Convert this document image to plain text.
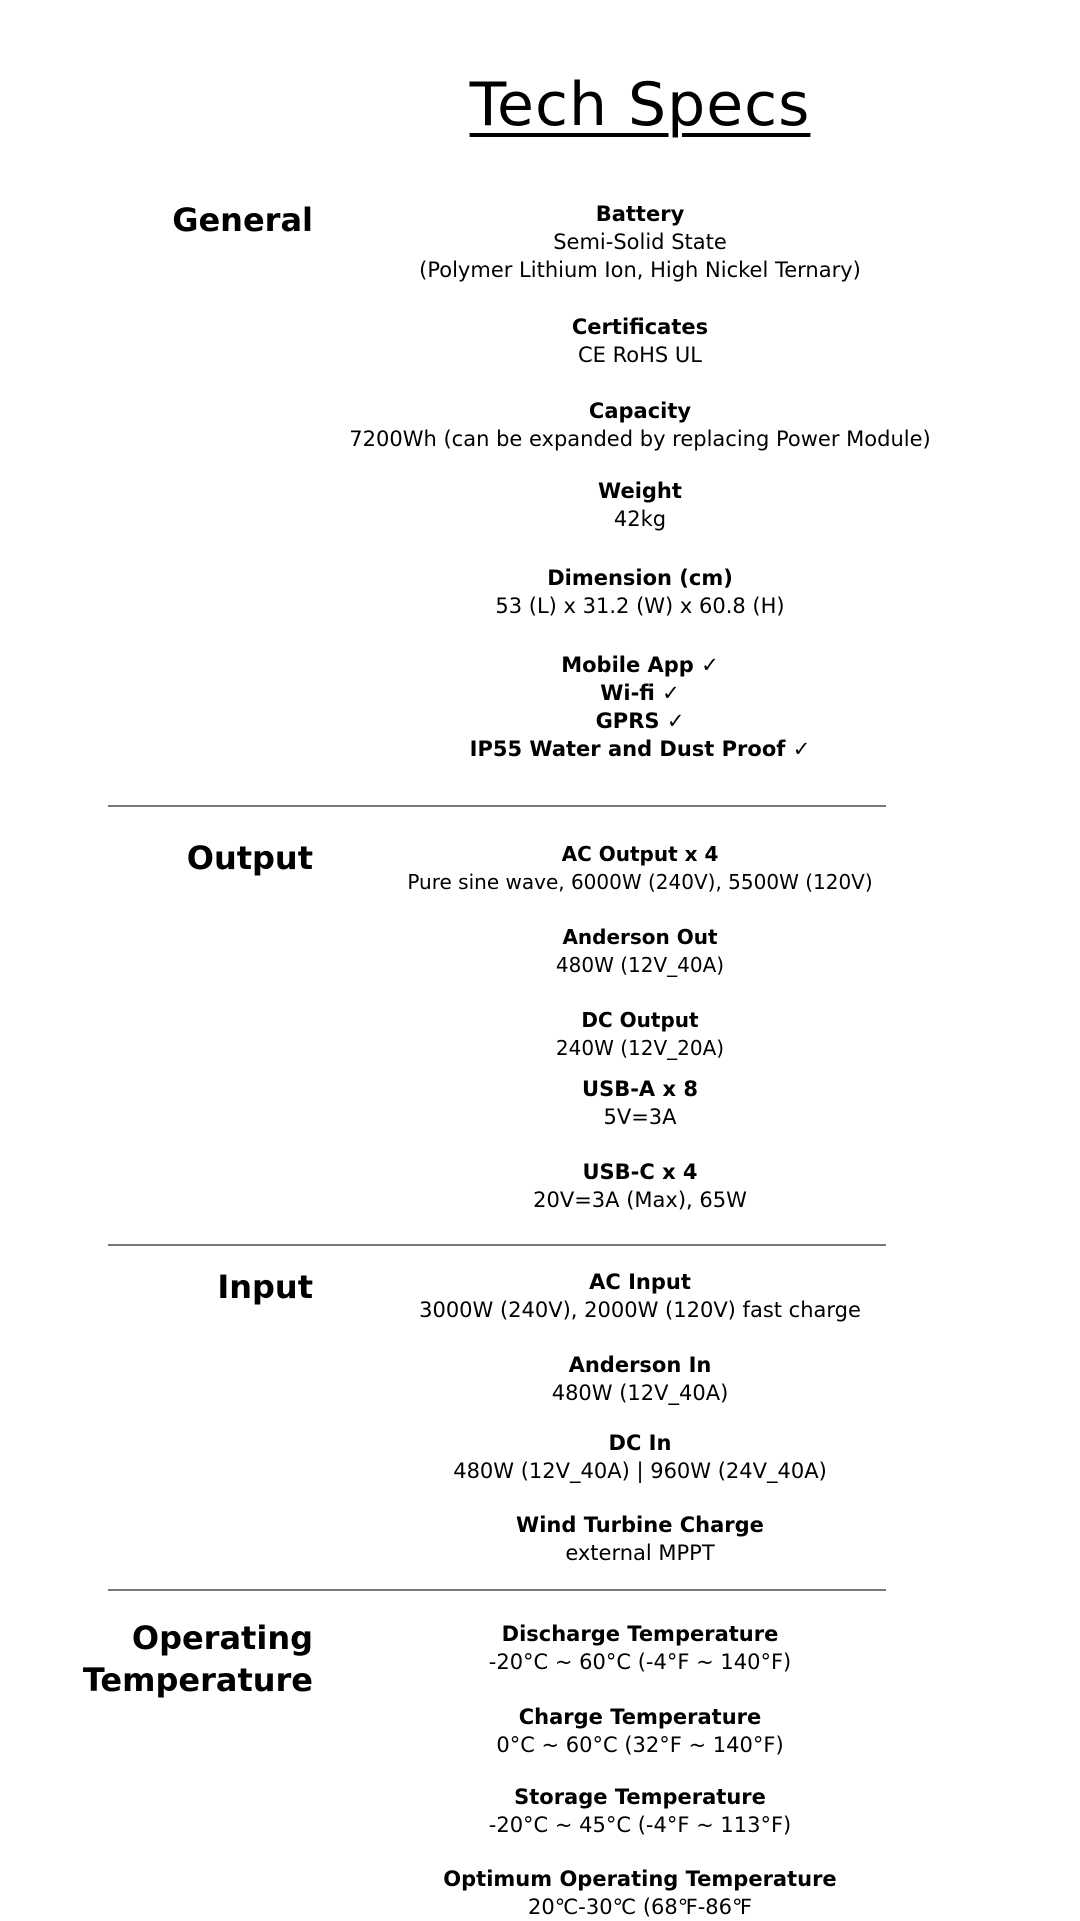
Tech Specs
General	Battery
Semi-Solid State
(Polymer Lithium Ion, High Nickel Ternary)
Certificates
CE RoHS UL
Capacity
7200Wh (can be expanded by replacing Power Module)
Weight
42kg
Dimension (cm)
53 (L) x 31.2 (W) x 60.8 (H)
Mobile App ✓
Wi-fi ✓
GPRS ✓
IP55 Water and Dust Proof ✓
Output	AC Output x 4
Pure sine wave, 6000W (240V), 5500W (120V)
Anderson Out
480W (12V_40A)
DC Output
240W (12V_20A)
USB-A x 8
5V=3A
USB-C x 4
20V=3A (Max), 65W
Input	AC Input
3000W (240V), 2000W (120V) fast charge
Anderson In
480W (12V_40A)
DC In
480W (12V_40A) | 960W (24V_40A)
Wind Turbine Charge
external MPPT
Operating
Temperature
Discharge Temperature
-20°C ~ 60°C (-4°F ~ 140°F)
Charge Temperature
0°C ~ 60°C (32°F ~ 140°F)
Storage Temperature
-20°C ~ 45°C (-4°F ~ 113°F)
Optimum Operating Temperature
20℃-30℃ (68℉-86℉
